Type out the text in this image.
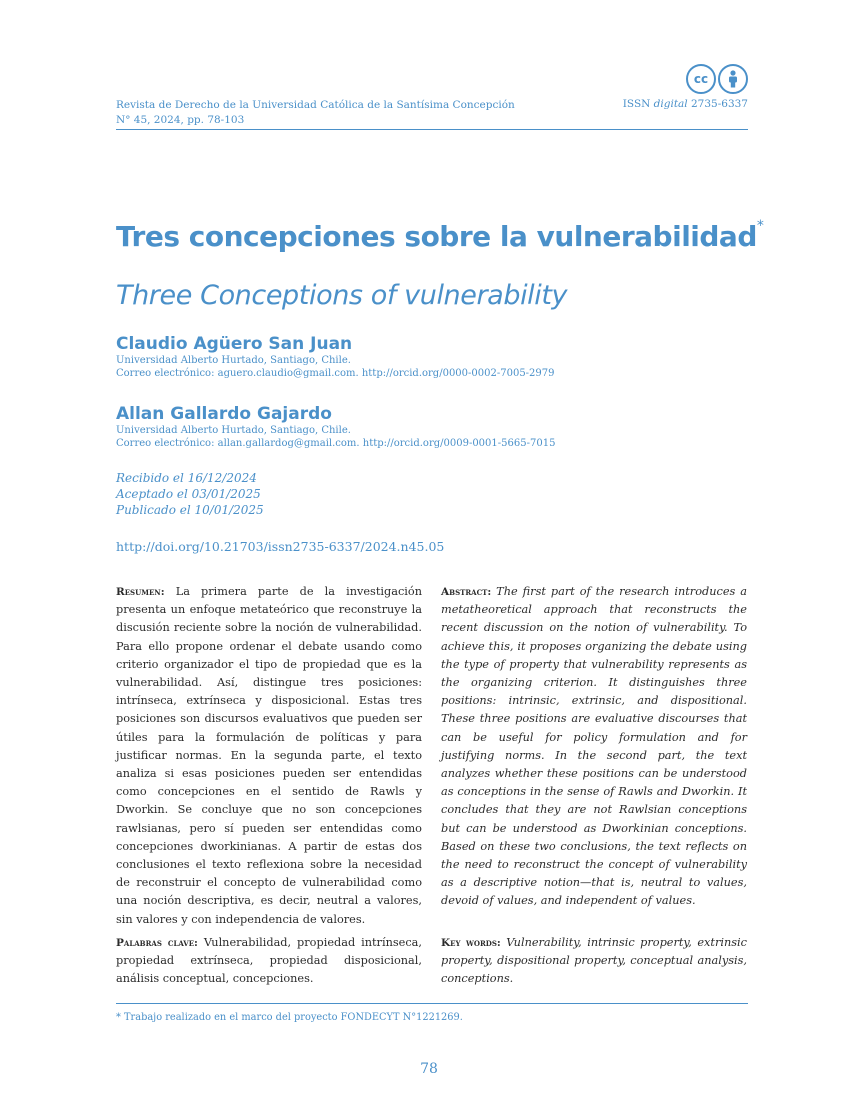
cc
Revista de Derecho de la Universidad Católica de la Santísima Concepción
N° 45, 2024, pp. 78-103
ISSN digital 2735-6337
Tres concepciones sobre la vulnerabilidad*
Three Conceptions of vulnerability
Claudio Agüero San Juan
Universidad Alberto Hurtado, Santiago, Chile.
Correo electrónico: aguero.claudio@gmail.com. http://orcid.org/0000-0002-7005-2979
Allan Gallardo Gajardo
Universidad Alberto Hurtado, Santiago, Chile.
Correo electrónico: allan.gallardog@gmail.com. http://orcid.org/0009-0001-5665-7015
Recibido el 16/12/2024
Aceptado el 03/01/2025
Publicado el 10/01/2025
http://doi.org/10.21703/issn2735-6337/2024.n45.05
Resumen: La primera parte de la investigación presenta un enfoque metateórico que reconstruye la discusión reciente sobre la noción de vulnerabilidad. Para ello propone ordenar el debate usando como criterio organizador el tipo de propiedad que es la vulnerabilidad. Así, distingue tres posiciones: intrínseca, extrínseca y disposicional. Estas tres posiciones son discursos evaluativos que pueden ser útiles para la formulación de políticas y para justificar normas. En la segunda parte, el texto analiza si esas posiciones pueden ser entendidas como concepciones en el sentido de Rawls y Dworkin. Se concluye que no son concepciones rawlsianas, pero sí pueden ser entendidas como concepciones dworkinianas. A partir de estas dos conclusiones el texto reflexiona sobre la necesidad de reconstruir el concepto de vulnerabilidad como una noción descriptiva, es decir, neutral a valores, sin valores y con independencia de valores.
Abstract: The first part of the research introduces a metatheoretical approach that reconstructs the recent discussion on the notion of vulnerability. To achieve this, it proposes organizing the debate using the type of property that vulnerability represents as the organizing criterion. It distinguishes three positions: intrinsic, extrinsic, and dispositional. These three positions are evaluative discourses that can be useful for policy formulation and for justifying norms. In the second part, the text analyzes whether these positions can be understood as conceptions in the sense of Rawls and Dworkin. It concludes that they are not Rawlsian conceptions but can be understood as Dworkinian conceptions. Based on these two conclusions, the text reflects on the need to reconstruct the concept of vulnerability as a descriptive notion—that is, neutral to values, devoid of values, and independent of values.
Palabras clave: Vulnerabilidad, propiedad intrínseca, propiedad extrínseca, propiedad disposicional, análisis conceptual, concepciones.
Key words: Vulnerability, intrinsic property, extrinsic property, dispositional property, conceptual analysis, conceptions.
* Trabajo realizado en el marco del proyecto FONDECYT N°1221269.
78
